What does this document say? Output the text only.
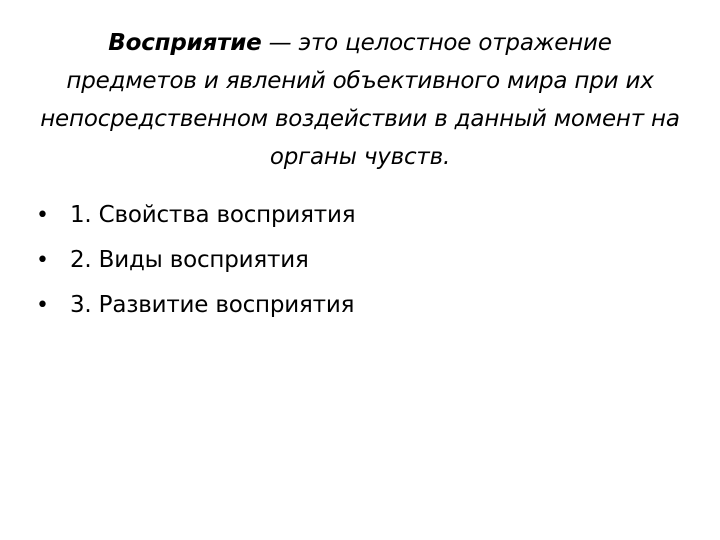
Восприятие — это целостное отражение предметов и явлений объективного мира при их непосредственном воздействии в данный момент на органы чувств.
• 1. Свойства восприятия
• 2. Виды восприятия
• 3. Развитие восприятия
